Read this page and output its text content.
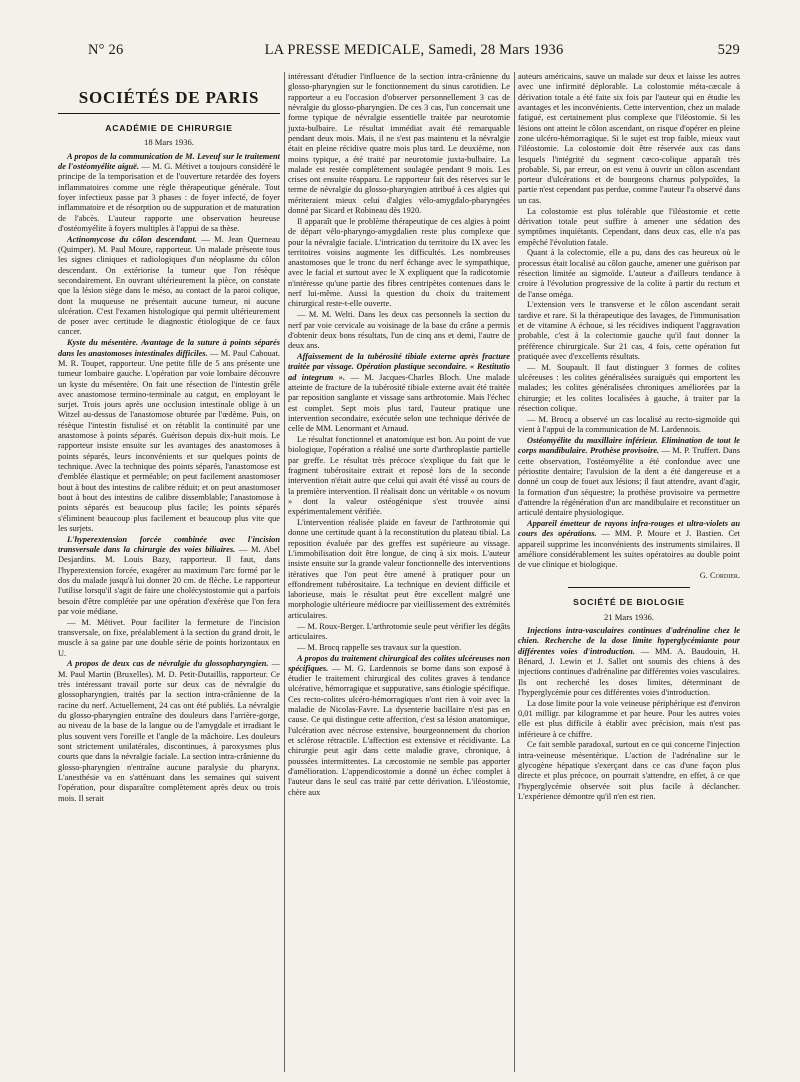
N° 26	LA PRESSE MEDICALE, Samedi, 28 Mars 1936	529
SOCIÉTÉS DE PARIS
ACADÉMIE DE CHIRURGIE
18 Mars 1936.

A propos de la communication de M. Leveuf sur le traitement de l'ostéomyélite aiguë. — M. G. Métivet a toujours considéré le principe de la temporisation et de l'ouverture retardée des foyers inflammatoires comme une règle thérapeutique générale. Tout foyer infectieux passe par 3 phases : de foyer infecté, de foyer inflammatoire et de résorption ou de suppuration et de maturation de l'abcès. L'auteur rapporte une observation heureuse d'ostéomyélite à foyers multiples à l'appui de sa thèse.

Actinomycose du côlon descendant. — M. Jean Querneau (Quimper). M. Paul Moure, rapporteur. Un malade présente tous les signes cliniques et radiologiques d'un néoplasme du côlon descendant. On extériorise la tumeur que l'on résèque secondairement. En ouvrant ultérieurement la pièce, on constate que la lésion siège dans le méso, au contact de la paroi colique, dont la muqueuse ne présentait aucune tumeur, ni aucune ulcération. C'est l'examen histologique qui permit ultérieurement de poser avec certitude le diagnostic étiologique de ce faux cancer.

Kyste du mésentère. Avantage de la suture à points séparés dans les anastomoses intestinales difficiles. — M. Paul Cabouat. M. R. Toupet, rapporteur. Une petite fille de 5 ans présente une tumeur lombaire gauche. L'opération par voie lombaire découvre un kyste du mésentère. On fait une résection de l'intestin grêle avec anastomose termino-terminale au catgut, en employant le surjet. Trois jours après une occlusion intestinale oblige à un Witzel au-dessus de l'anastomose obturée par l'œdème. Puis, on résèque l'intestin fistulisé et on rétablit la continuité par une anastomose à points séparés. Guérison depuis dix-huit mois. Le rapporteur insiste ensuite sur les avantages des anastomoses à points séparés, leurs inconvénients et sur quelques points de technique. Avec la technique des points séparés, l'anastomose est d'emblée élastique et perméable; on peut facilement anastomoser bout à bout des intestins de calibre réduit; et on peut anastomoser bout à bout des intestins de calibre dissemblable; l'anastomose à points séparés est beaucoup plus facile; les points séparés s'éliminent beaucoup plus facilement et beaucoup plus vite que les surjets.

L'hyperextension forcée combinée avec l'incision transversale dans la chirurgie des voies biliaires. — M. Abel Desjardins. M. Louis Bazy, rapporteur. Il faut, dans l'hyperextension forcée, exagérer au maximum l'arc formé par le dos du malade jusqu'à lui donner 20 cm. de flèche. Le rapporteur l'utilise lorsqu'il s'agit de faire une cholécystostomie qui a parfois besoin d'être complétée par une opération d'exérèse que l'on fera par voie médiane.

— M. Métivet. Pour faciliter la fermeture de l'incision transversale, on fixe, préalablement à la section du grand droit, le muscle à sa gaine par une double série de points horizontaux en U.

A propos de deux cas de névralgie du glossopharyngien. — M. Paul Martin (Bruxelles). M. D. Petit-Dutaillis, rapporteur. Ce très intéressant travail porte sur deux cas de névralgie du glossopharyngien, traités par la section intra-crânienne de la racine du nerf. Actuellement, 24 cas ont été publiés. La névralgie du glosso-pharyngien entraîne des douleurs dans l'arrière-gorge, au niveau de la base de la langue ou de l'amygdale et irradiant le plus souvent vers l'oreille et l'angle de la mâchoire. Les douleurs sont strictement unilatérales, discontinues, à paroxysmes plus courts que dans la névralgie faciale. La section intra-crânienne du glosso-pharyngien n'entraîne aucune paralysie du pharynx. L'anesthésie va en s'atténuant dans les semaines qui suivent l'opération, pour disparaître complètement après deux ou trois mois. Il serait

intéressant d'étudier l'influence de la section intra-crânienne du glosso-pharyngien sur le fonctionnement du sinus carotidien. Le rapporteur a eu l'occasion d'observer personnellement 3 cas de névralgie du glosso-pharyngien. De ces 3 cas, l'un concernait une forme typique de névralgie essentielle traitée par neurotomie juxta-bulbaire. Le résultat immédiat avait été remarquable pendant deux mois. Mais, il ne s'est pas maintenu et la névralgie était en pleine récidive quatre mois plus tard. Le deuxième, non moins typique, a été traité par neurotomie juxta-bulbaire. La malade est restée complètement soulagée pendant 9 mois. Les crises ont ensuite réapparu. Le rapporteur fait des réserves sur le terme de névralgie du glosso-pharyngien attribué à ces algies qui mériteraient mieux celui d'algies vélo-amygdalo-pharyngées donné par Sicard et Robineau dès 1920.

Il apparaît que le problème thérapeutique de ces algies à point de départ vélo-pharyngo-amygdalien reste plus complexe que pour la névralgie faciale. L'intrication du territoire du IX avec les territoires voisins augmente les difficultés. Les nombreuses anastomoses que le tronc du nerf échange avec le sympathique, avec le facial et surtout avec le X expliquent que la radicotomie n'intéresse qu'une partie des fibres centripètes contenues dans le nerf lui-même. Aussi la question du choix du traitement chirurgical reste-t-elle ouverte.

— M. M. Welti. Dans les deux cas personnels la section du nerf par voie cervicale au voisinage de la base du crâne a permis d'obtenir deux bons résultats, l'un de cinq ans et demi, l'autre de deux ans.

Affaissement de la tubérosité tibiale externe après fracture traitée par vissage. Opération plastique secondaire. « Restitutio ad integrum ». — M. Jacques-Charles Bloch. Une malade atteinte de fracture de la tubérosité tibiale externe avait été traitée par reposition sanglante et vissage sans arthrotomie. Mais l'échec est complet. Sept mois plus tard, l'auteur pratique une intervention secondaire, exécutée selon une technique dérivée de celle de MM. Lenormant et Arnaud.

Le résultat fonctionnel et anatomique est bon. Au point de vue biologique, l'opération a réalisé une sorte d'arthroplastie partielle par greffe. Le résultat très précoce s'explique du fait que le fragment tubérositaire extrait et reposé lors de la seconde intervention n'était autre que celui qui avait été vissé au cours de la première intervention. Il réalisait donc un véritable « os novum » dont la valeur ostéogénique s'est trouvée ainsi expérimentalement vérifiée.

L'intervention réalisée plaide en faveur de l'arthrotomie qui donne une certitude quant à la reconstitution du plateau tibial. La reposition évaluée par des greffes est supérieure au vissage. L'immobilisation doit être longue, de cinq à six mois. L'auteur insiste ensuite sur la grande valeur fonctionnelle des interventions itératives que l'on peut être amené à pratiquer pour un effondrement tubérositaire. La technique en devient difficile et laborieuse, mais le résultat peut être excellent malgré une morphologie ultérieure médiocre par vieillissement des extrémités articulaires.

— M. Roux-Berger. L'arthrotomie seule peut vérifier les dégâts articulaires.

— M. Brocq rappelle ses travaux sur la question.

A propos du traitement chirurgical des colites ulcéreuses non spécifiques. — M. G. Lardennois se borne dans son exposé à étudier le traitement chirurgical des colites graves à tendance ulcérative, hémorragique et suppurative, sans étiologie spécifique. Ces recto-colites ulcéro-hémorragiques n'ont rien à voir avec la maladie de Nicolas-Favre. La dysenterie bacillaire n'est pas en cause. Ce qui distingue cette affection, c'est sa lésion anatomique, l'ulcération avec nécrose extensive, bourgeonnement du chorion et sclérose rétractile. L'affection est extensive et récidivante. La chirurgie peut agir dans cette maladie grave, chronique, à poussées intermittentes. La cæcostomie ne semble pas apporter d'amélioration. L'appendicostomie a donné un échec complet à l'auteur dans le seul cas traité par cette dérivation. L'iléostomie, chère aux

auteurs américains, sauve un malade sur deux et laisse les autres avec une infirmité déplorable. La colostomie méta-cæcale à dérivation totale a été faite six fois par l'auteur qui en étudie les avantages et les inconvénients. Cette intervention, chez un malade fatigué, est certainement plus complexe que l'iléostomie. Si les lésions ont atteint le côlon ascendant, on risque d'opérer en pleine zone ulcéro-hémorragique. Si le sujet est trop faible, mieux vaut l'iléostomie. La colostomie doit être réservée aux cas dans lesquels l'intégrité du segment cæco-colique apparaît très probable. Si, par erreur, on est venu à ouvrir un côlon ascendant porteur d'ulcérations et de bourgeons charnus polypoïdes, la partie n'est cependant pas perdue, comme l'auteur l'a observé dans un cas.

La colostomie est plus tolérable que l'iléostomie et cette dérivation totale peut suffire à amener une sédation des symptômes inquiétants. Cependant, dans deux cas, elle n'a pas empêché l'évolution fatale.

Quant à la colectomie, elle a pu, dans des cas heureux où le processus était localisé au côlon gauche, amener une guérison par résection limitée au sigmoïde. L'auteur a d'ailleurs tendance à croire à l'évolution progressive de la colite à partir du rectum et de l'anse oméga.

L'extension vers le transverse et le côlon ascendant serait tardive et rare. Si la thérapeutique des lavages, de l'immunisation et de vitamine A échoue, si les récidives indiquent l'aggravation probable, c'est à la colectomie gauche qu'il faut donner la préférence chirurgicale. Sur 21 cas, 4 fois, cette opération fut pratiquée avec d'excellents résultats.

— M. Soupault. Il faut distinguer 3 formes de colites ulcéreuses : les colites généralisées suraiguës qui emportent les malades; les colites généralisées chroniques améliorées par la chirurgie; et les colites localisées à gauche, à traiter par la résection colique.

— M. Brocq a observé un cas localisé au recto-sigmoïde qui vient à l'appui de la communication de M. Lardennois.

Ostéomyélite du maxillaire inférieur. Elimination de tout le corps mandibulaire. Prothèse provisoire. — M. P. Truffert. Dans cette observation, l'ostéomyélite a été confondue avec une périostite dentaire; l'avulsion de la dent a été dangereuse et a donné un coup de fouet aux lésions; il faut attendre, avant d'agir, la formation d'un séquestre; la prothèse provisoire va permettre d'attendre la régénération d'un arc mandibulaire et reconstituer un articulé dentaire physiologique.

Appareil émetteur de rayons infra-rouges et ultra-violets au cours des opérations. — MM. P. Moure et J. Bastien. Cet appareil supprime les inconvénients des instruments similaires. Il améliore considérablement les suites opératoires au double point de vue clinique et biologique.

G. Cordier.

SOCIÉTÉ DE BIOLOGIE
21 Mars 1936.

Injections intra-vasculaires continues d'adrénaline chez le chien. Recherche de la dose limite hyperglycémiante pour différentes voies d'introduction. — MM. A. Baudouin, H. Bénard, J. Lewin et J. Sallet ont soumis des chiens à des injections continues d'adrénaline par différentes voies vasculaires. Ils ont recherché les doses limites, déterminant de l'hyperglycémie pour ces différentes voies d'introduction.

La dose limite pour la voie veineuse périphérique est d'environ 0,01 milligr. par kilogramme et par heure. Pour les autres voies elle est plus difficile à établir avec précision, mais n'est pas inférieure à ce chiffre.

Ce fait semble paradoxal, surtout en ce qui concerne l'injection intra-veineuse mésentérique. L'action de l'adrénaline sur le glycogène hépatique s'exerçant dans ce cas d'une façon plus directe et plus précoce, on pourrait s'attendre, en effet, à ce que l'hyperglycémie observée soit plus facile à déclancher. L'expérience démontre qu'il n'en est rien.
